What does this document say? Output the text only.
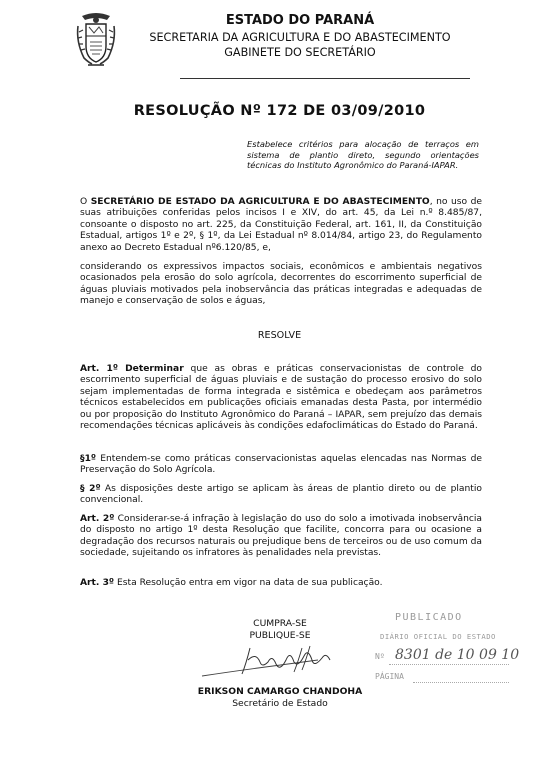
ESTADO DO PARANÁ
SECRETARIA DA AGRICULTURA E DO ABASTECIMENTO
GABINETE DO SECRETÁRIO
RESOLUÇÃO Nº 172 DE 03/09/2010
Estabelece critérios para alocação de terraços em sistema de plantio direto, segundo orientações técnicas do Instituto Agronômico do Paraná-IAPAR.

O SECRETÁRIO DE ESTADO DA AGRICULTURA E DO ABASTECIMENTO, no uso de suas atribuições conferidas pelos incisos I e XIV, do art. 45, da Lei n.º 8.485/87, consoante o disposto no art. 225, da Constituição Federal, art. 161, II, da Constituição Estadual, artigos 1º e 2º, § 1º, da Lei Estadual nº 8.014/84, artigo 23, do Regulamento anexo ao Decreto Estadual nº6.120/85, e,

considerando os expressivos impactos sociais, econômicos e ambientais negativos ocasionados pela erosão do solo agrícola, decorrentes do escorrimento superficial de águas pluviais motivados pela inobservância das práticas integradas e adequadas de manejo e conservação de solos e águas,

RESOLVE

Art. 1º Determinar que as obras e práticas conservacionistas de controle do escorrimento superficial de águas pluviais e de sustação do processo erosivo do solo sejam implementadas de forma integrada e sistêmica e obedeçam aos parâmetros técnicos estabelecidos em publicações oficiais emanadas desta Pasta, por intermédio ou por proposição do Instituto Agronômico do Paraná – IAPAR, sem prejuízo das demais recomendações técnicas aplicáveis às condições edafoclimáticas do Estado do Paraná.

§1º Entendem-se como práticas conservacionistas aquelas elencadas nas Normas de Preservação do Solo Agrícola.

§ 2º As disposições deste artigo se aplicam às áreas de plantio direto ou de plantio convencional.

Art. 2º Considerar-se-á infração à legislação do uso do solo a imotivada inobservância do disposto no artigo 1º desta Resolução que facilite, concorra para ou ocasione a degradação dos recursos naturais ou prejudique bens de terceiros ou de uso comum da sociedade, sujeitando os infratores às penalidades nela previstas.

Art. 3º Esta Resolução entra em vigor na data de sua publicação.

CUMPRA-SE
PUBLIQUE-SE
ERIKSON CAMARGO CHANDOHA
Secretário de Estado
PUBLICADO
DIÁRIO OFICIAL DO ESTADO
Nº 8301 de 10 09 10
PÁGINA
